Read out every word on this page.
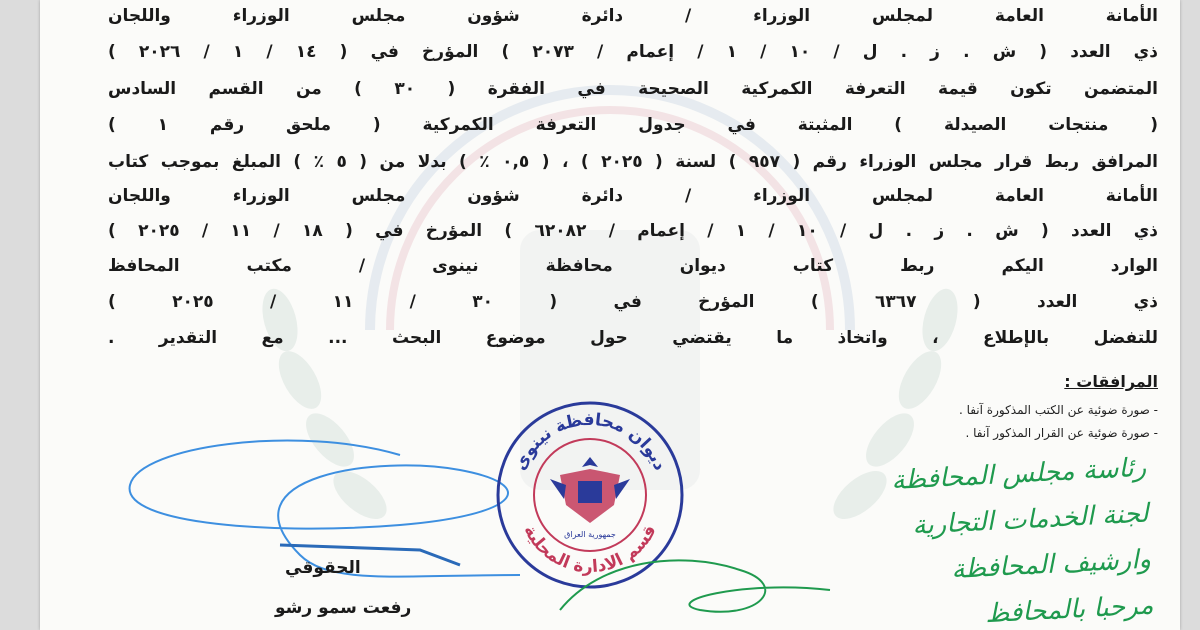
الأمانة العامة لمجلس الوزراء / دائرة شؤون مجلس الوزراء واللجان
ذي العدد ( ش . ز . ل / ١٠ / ١ / إعمام / ٢٠٧٣ ) المؤرخ في ( ١٤ / ١ / ٢٠٢٦ )
المتضمن تكون قيمة التعرفة الكمركية الصحيحة في الفقرة ( ٣٠ ) من القسم السادس
( منتجات الصيدلة ) المثبتة في جدول التعرفة الكمركية ( ملحق رقم ١ )
المرافق ربط قرار مجلس الوزراء رقم ( ٩٥٧ ) لسنة ( ٢٠٢٥ ) ، ( ٠,٥ ٪ ) بدلا من ( ٥ ٪ ) المبلغ بموجب كتاب
الأمانة العامة لمجلس الوزراء / دائرة شؤون مجلس الوزراء واللجان
ذي العدد ( ش . ز . ل / ١٠ / ١ / إعمام / ٦٢٠٨٢ ) المؤرخ في ( ١٨ / ١١ / ٢٠٢٥ )
الوارد اليكم ربط كتاب ديوان محافظة نينوى / مكتب المحافظ
ذي العدد ( ٦٣٦٧ ) المؤرخ في ( ٣٠ / ١١ / ٢٠٢٥ )
للتفضل بالإطلاع ، واتخاذ ما يقتضي حول موضوع البحث ... مع التقدير .
المرافقات :
- صورة ضوئية عن الكتب المذكورة آنفا .
- صورة ضوئية عن القرار المذكور آنفا .
الحقوقي
رفعت سمو رشو
ديوان محافظة نينوى
قسم الادارة المحلية
جمهورية العراق
رئاسة مجلس المحافظة
لجنة الخدمات التجارية
وارشيف المحافظة
مرحبا بالمحافظ
